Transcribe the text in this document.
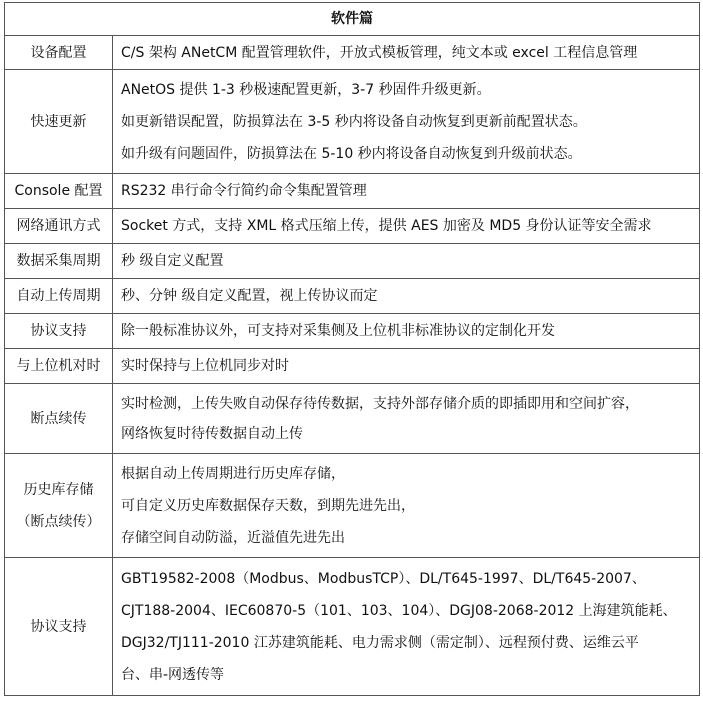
软件篇	

设备配置	C/S 架构 ANetCM 配置管理软件，开放式模板管理，纯文本或 excel 工程信息管理

快速更新	ANetOS 提供 1-3 秒极速配置更新，3-7 秒固件升级更新。
如更新错误配置，防损算法在 3-5 秒内将设备自动恢复到更新前配置状态。
如升级有问题固件，防损算法在 5-10 秒内将设备自动恢复到升级前状态。

Console 配置	RS232 串行命令行简约命令集配置管理

网络通讯方式	Socket 方式，支持 XML 格式压缩上传，提供 AES 加密及 MD5 身份认证等安全需求

数据采集周期	秒 级自定义配置

自动上传周期	秒、分钟 级自定义配置，视上传协议而定

协议支持	除一般标准协议外，可支持对采集侧及上位机非标准协议的定制化开发

与上位机对时	实时保持与上位机同步对时

断点续传	实时检测，上传失败自动保存待传数据，支持外部存储介质的即插即用和空间扩容，
网络恢复时待传数据自动上传

历史库存储
（断点续传）	根据自动上传周期进行历史库存储，
可自定义历史库数据保存天数，到期先进先出，
存储空间自动防溢，近溢值先进先出

协议支持	GBT19582-2008（Modbus、ModbusTCP）、DL/T645-1997、DL/T645-2007、
CJT188-2004、IEC60870-5（101、103、104）、DGJ08-2068-2012 上海建筑能耗、
DGJ32/TJ111-2010 江苏建筑能耗、电力需求侧（需定制）、远程预付费、运维云平
台、串-网透传等
